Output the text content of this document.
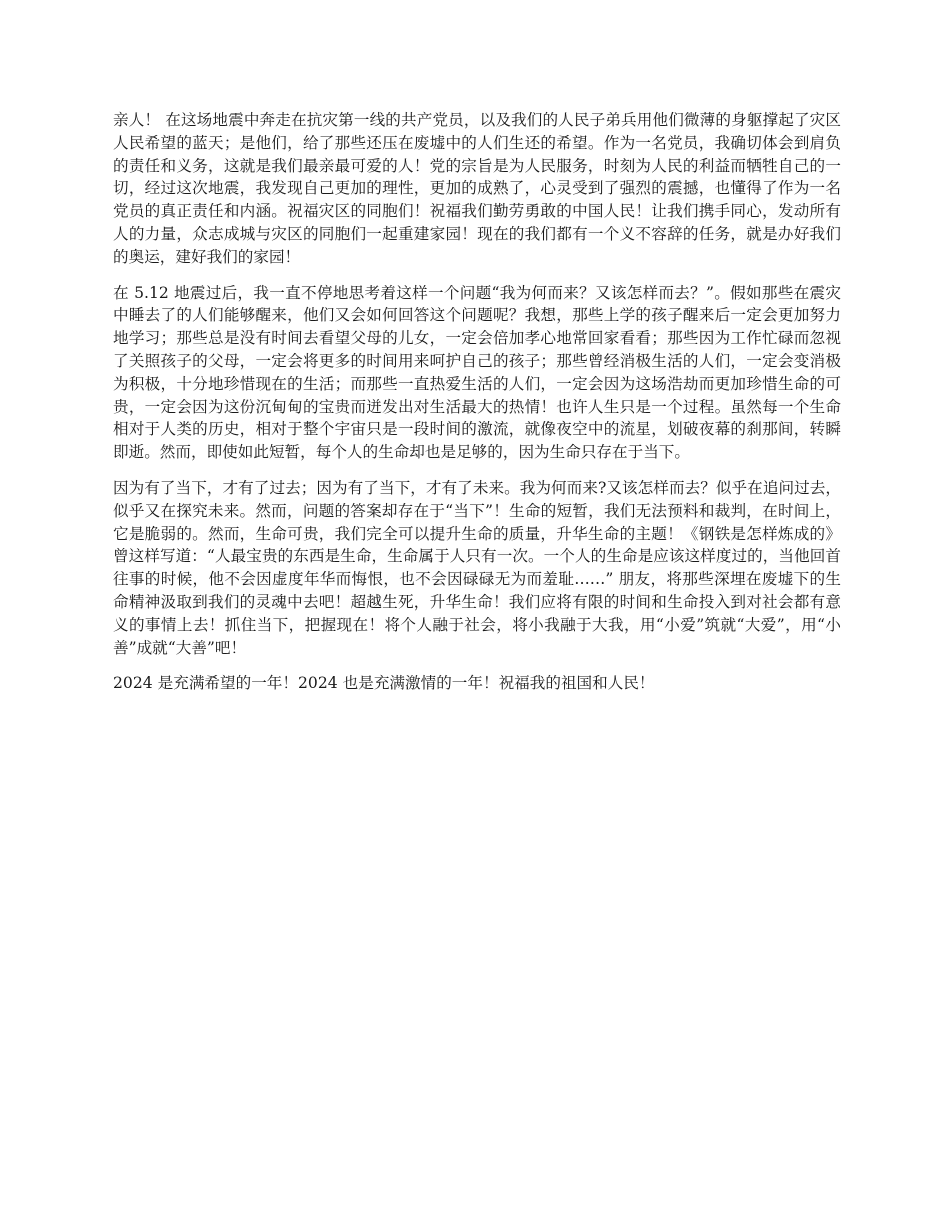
亲人！ 在这场地震中奔走在抗灾第一线的共产党员，以及我们的人民子弟兵用他们微薄的身躯撑起了灾区人民希望的蓝天；是他们，给了那些还压在废墟中的人们生还的希望。作为一名党员，我确切体会到肩负的责任和义务，这就是我们最亲最可爱的人！党的宗旨是为人民服务，时刻为人民的利益而牺牲自己的一切，经过这次地震，我发现自己更加的理性，更加的成熟了，心灵受到了强烈的震撼，也懂得了作为一名党员的真正责任和内涵。祝福灾区的同胞们！祝福我们勤劳勇敢的中国人民！让我们携手同心，发动所有人的力量，众志成城与灾区的同胞们一起重建家园！现在的我们都有一个义不容辞的任务，就是办好我们的奥运，建好我们的家园！

在 5.12 地震过后，我一直不停地思考着这样一个问题“我为何而来？又该怎样而去？”。假如那些在震灾中睡去了的人们能够醒来，他们又会如何回答这个问题呢？我想，那些上学的孩子醒来后一定会更加努力地学习；那些总是没有时间去看望父母的儿女，一定会倍加孝心地常回家看看；那些因为工作忙碌而忽视了关照孩子的父母，一定会将更多的时间用来呵护自己的孩子；那些曾经消极生活的人们，一定会变消极为积极，十分地珍惜现在的生活；而那些一直热爱生活的人们，一定会因为这场浩劫而更加珍惜生命的可贵，一定会因为这份沉甸甸的宝贵而迸发出对生活最大的热情！也许人生只是一个过程。虽然每一个生命相对于人类的历史，相对于整个宇宙只是一段时间的激流，就像夜空中的流星，划破夜幕的刹那间，转瞬即逝。然而，即使如此短暂，每个人的生命却也是足够的，因为生命只存在于当下。

因为有了当下，才有了过去；因为有了当下，才有了未来。我为何而来?又该怎样而去？似乎在追问过去，似乎又在探究未来。然而，问题的答案却存在于“当下”！生命的短暂，我们无法预料和裁判，在时间上，它是脆弱的。然而，生命可贵，我们完全可以提升生命的质量，升华生命的主题！《钢铁是怎样炼成的》曾这样写道：“人最宝贵的东西是生命，生命属于人只有一次。一个人的生命是应该这样度过的，当他回首往事的时候，他不会因虚度年华而悔恨，也不会因碌碌无为而羞耻……” 朋友，将那些深埋在废墟下的生命精神汲取到我们的灵魂中去吧！超越生死，升华生命！我们应将有限的时间和生命投入到对社会都有意义的事情上去！抓住当下，把握现在！将个人融于社会，将小我融于大我，用“小爱”筑就“大爱”，用“小善”成就“大善”吧！

2024 是充满希望的一年！2024 也是充满激情的一年！祝福我的祖国和人民！
